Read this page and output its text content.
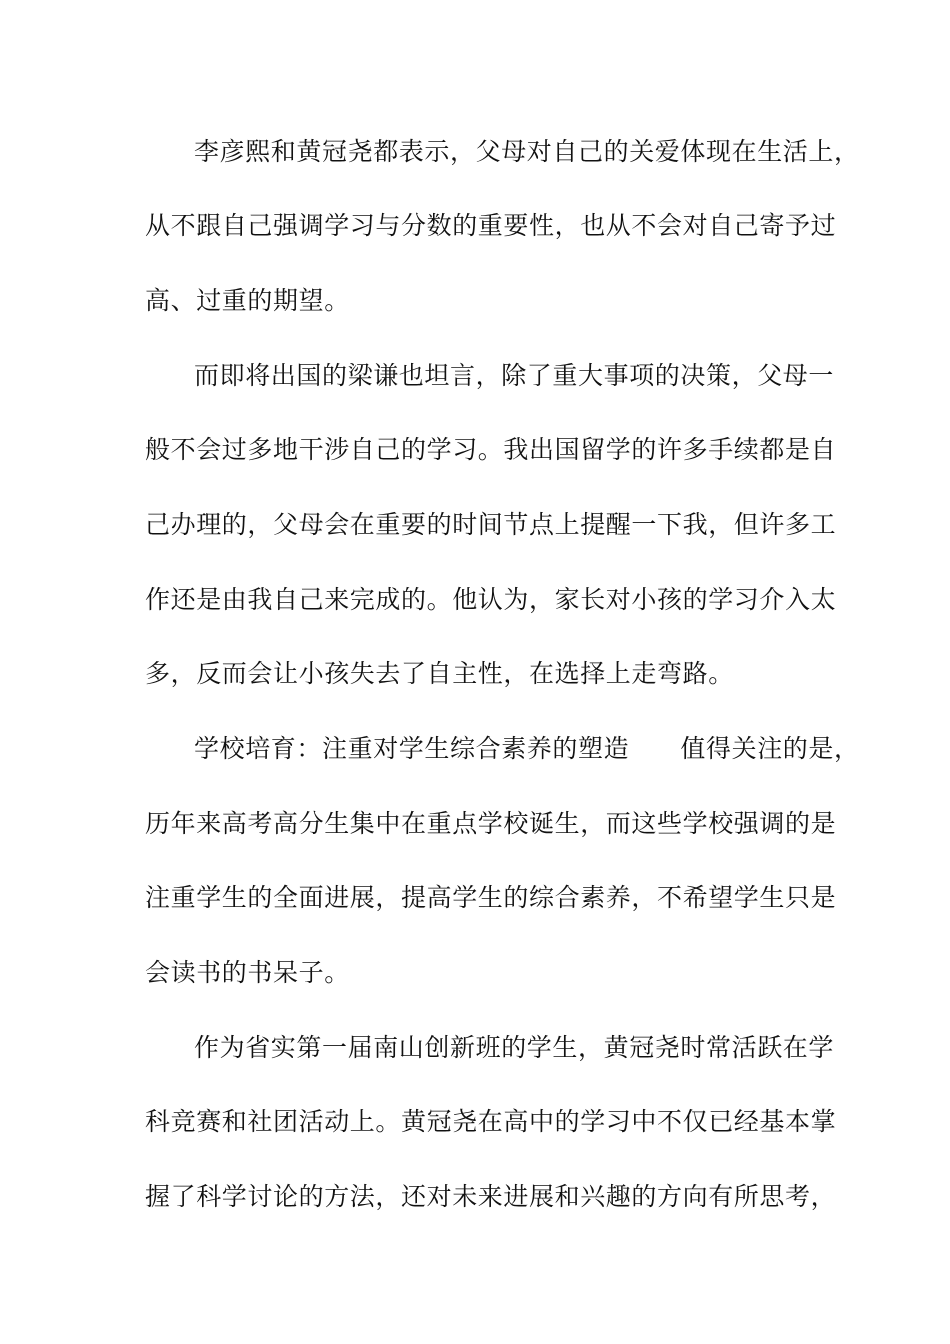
李彦熙和黄冠尧都表示，父母对自己的关爱体现在生活上，
从不跟自己强调学习与分数的重要性，也从不会对自己寄予过
高、过重的期望。
而即将出国的梁谦也坦言，除了重大事项的决策，父母一
般不会过多地干涉自己的学习。我出国留学的许多手续都是自
己办理的，父母会在重要的时间节点上提醒一下我，但许多工
作还是由我自己来完成的。他认为，家长对小孩的学习介入太
多，反而会让小孩失去了自主性，在选择上走弯路。
学校培育：注重对学生综合素养的塑造　　值得关注的是，
历年来高考高分生集中在重点学校诞生，而这些学校强调的是
注重学生的全面进展，提高学生的综合素养，不希望学生只是
会读书的书呆子。
作为省实第一届南山创新班的学生，黄冠尧时常活跃在学
科竞赛和社团活动上。黄冠尧在高中的学习中不仅已经基本掌
握了科学讨论的方法，还对未来进展和兴趣的方向有所思考，
